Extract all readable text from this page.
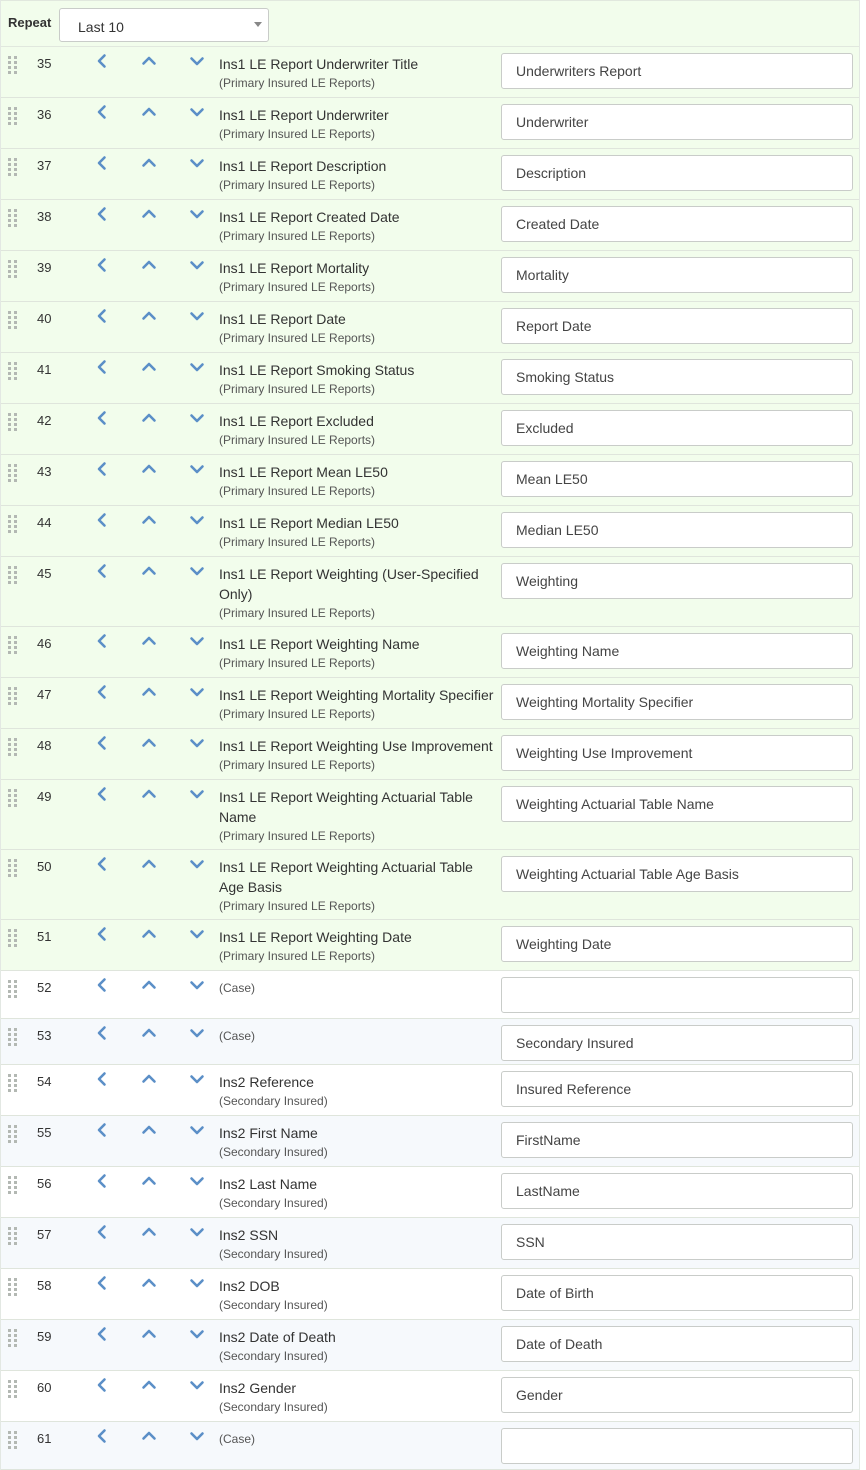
Repeat Last 10
35	Ins1 LE Report Underwriter Title
(Primary Insured LE Reports)
Underwriters Report
36	Ins1 LE Report Underwriter
(Primary Insured LE Reports)
Underwriter
37	Ins1 LE Report Description
(Primary Insured LE Reports)
Description
38	Ins1 LE Report Created Date
(Primary Insured LE Reports)
Created Date
39	Ins1 LE Report Mortality
(Primary Insured LE Reports)
Mortality
40	Ins1 LE Report Date
(Primary Insured LE Reports)
Report Date
41	Ins1 LE Report Smoking Status
(Primary Insured LE Reports)
Smoking Status
42	Ins1 LE Report Excluded
(Primary Insured LE Reports)
Excluded
43	Ins1 LE Report Mean LE50
(Primary Insured LE Reports)
Mean LE50
44	Ins1 LE Report Median LE50
(Primary Insured LE Reports)
Median LE50
45	Ins1 LE Report Weighting (User-Specified Only)
(Primary Insured LE Reports)
Weighting
46	Ins1 LE Report Weighting Name
(Primary Insured LE Reports)
Weighting Name
47	Ins1 LE Report Weighting Mortality Specifier
(Primary Insured LE Reports)
Weighting Mortality Specifier
48	Ins1 LE Report Weighting Use Improvement
(Primary Insured LE Reports)
Weighting Use Improvement
49	Ins1 LE Report Weighting Actuarial Table Name
(Primary Insured LE Reports)
Weighting Actuarial Table Name
50	Ins1 LE Report Weighting Actuarial Table Age Basis
(Primary Insured LE Reports)
Weighting Actuarial Table Age Basis
51	Ins1 LE Report Weighting Date
(Primary Insured LE Reports)
Weighting Date
52	(Case)
53	(Case)
Secondary Insured
54	Ins2 Reference
(Secondary Insured)
Insured Reference
55	Ins2 First Name
(Secondary Insured)
FirstName
56	Ins2 Last Name
(Secondary Insured)
LastName
57	Ins2 SSN
(Secondary Insured)
SSN
58	Ins2 DOB
(Secondary Insured)
Date of Birth
59	Ins2 Date of Death
(Secondary Insured)
Date of Death
60	Ins2 Gender
(Secondary Insured)
Gender
61	(Case)
